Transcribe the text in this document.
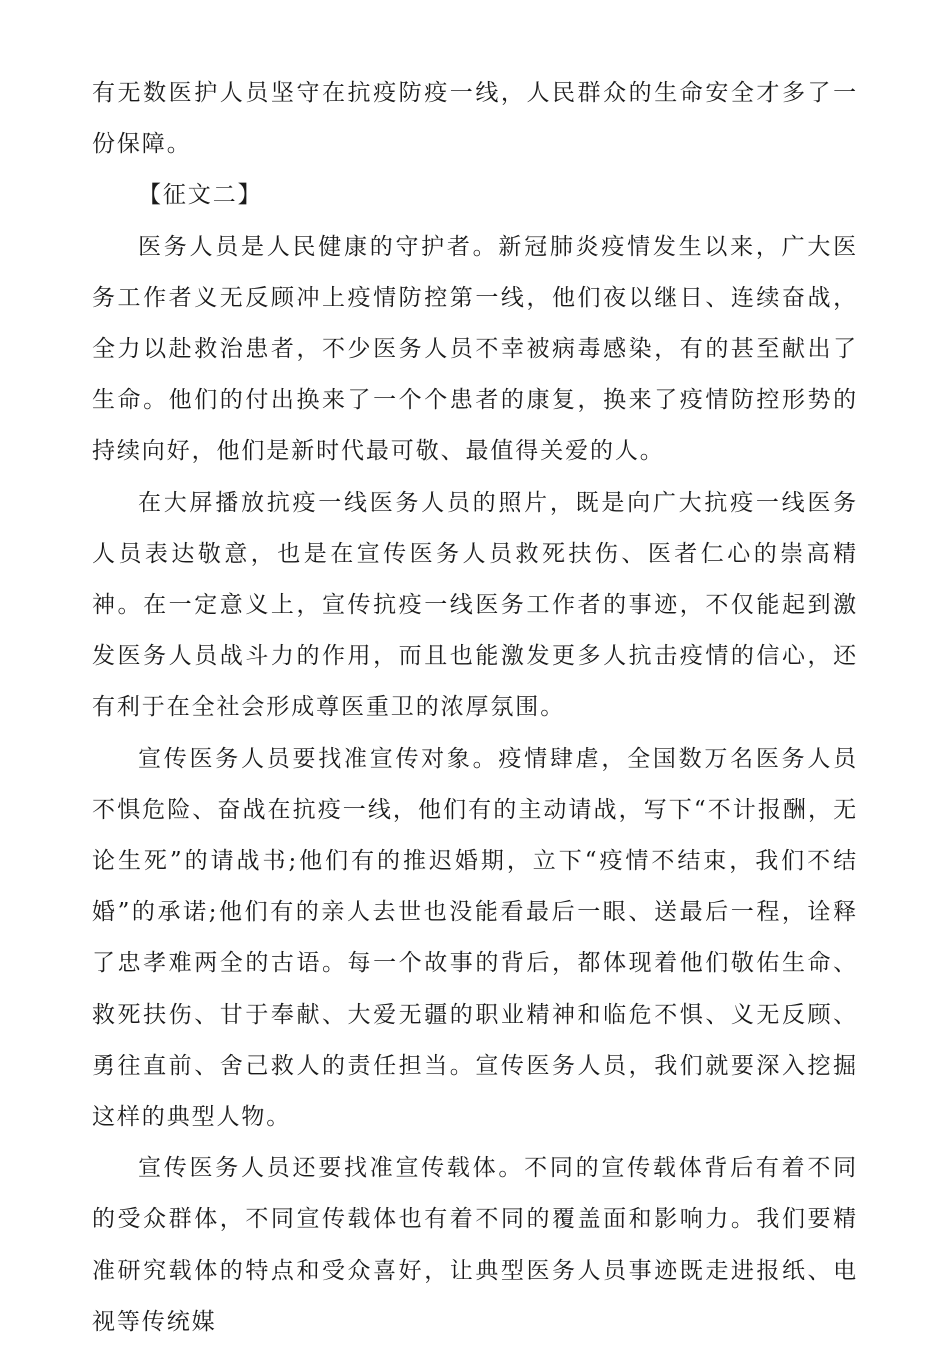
有无数医护人员坚守在抗疫防疫一线，人民群众的生命安全才多了一份保障。

【征文二】

医务人员是人民健康的守护者。新冠肺炎疫情发生以来，广大医务工作者义无反顾冲上疫情防控第一线，他们夜以继日、连续奋战，全力以赴救治患者，不少医务人员不幸被病毒感染，有的甚至献出了生命。他们的付出换来了一个个患者的康复，换来了疫情防控形势的持续向好，他们是新时代最可敬、最值得关爱的人。

在大屏播放抗疫一线医务人员的照片，既是向广大抗疫一线医务人员表达敬意，也是在宣传医务人员救死扶伤、医者仁心的崇高精神。在一定意义上，宣传抗疫一线医务工作者的事迹，不仅能起到激发医务人员战斗力的作用，而且也能激发更多人抗击疫情的信心，还有利于在全社会形成尊医重卫的浓厚氛围。

宣传医务人员要找准宣传对象。疫情肆虐，全国数万名医务人员不惧危险、奋战在抗疫一线，他们有的主动请战，写下“不计报酬，无论生死”的请战书;他们有的推迟婚期，立下“疫情不结束，我们不结婚”的承诺;他们有的亲人去世也没能看最后一眼、送最后一程，诠释了忠孝难两全的古语。每一个故事的背后，都体现着他们敬佑生命、救死扶伤、甘于奉献、大爱无疆的职业精神和临危不惧、义无反顾、勇往直前、舍己救人的责任担当。宣传医务人员，我们就要深入挖掘这样的典型人物。

宣传医务人员还要找准宣传载体。不同的宣传载体背后有着不同的受众群体，不同宣传载体也有着不同的覆盖面和影响力。我们要精准研究载体的特点和受众喜好，让典型医务人员事迹既走进报纸、电视等传统媒
